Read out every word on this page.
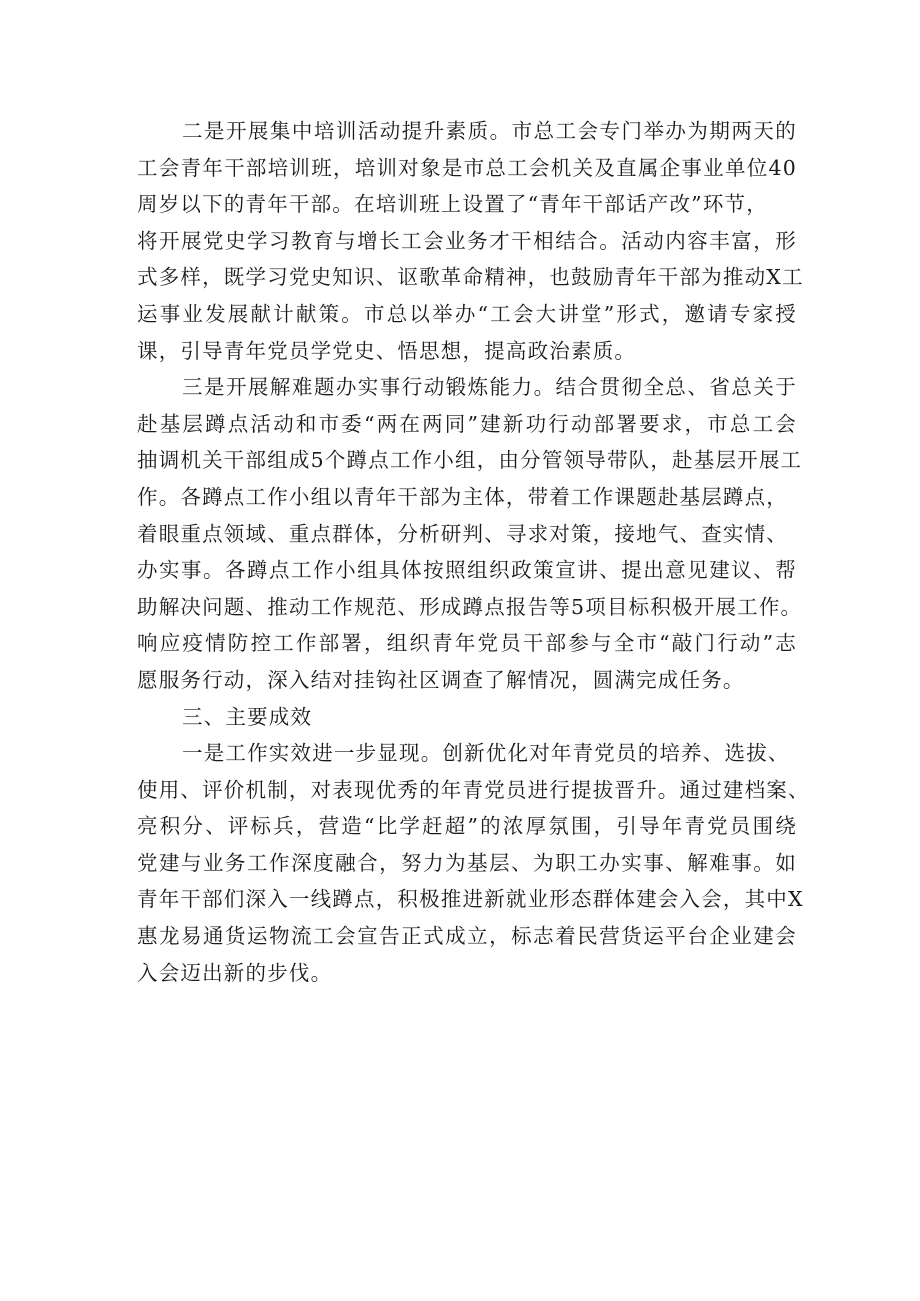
二是开展集中培训活动提升素质。市总工会专门举办为期两天的
工会青年干部培训班，培训对象是市总工会机关及直属企事业单位40
周岁以下的青年干部。在培训班上设置了“青年干部话产改”环节，
将开展党史学习教育与增长工会业务才干相结合。活动内容丰富，形
式多样，既学习党史知识、讴歌革命精神，也鼓励青年干部为推动X工
运事业发展献计献策。市总以举办“工会大讲堂”形式，邀请专家授
课，引导青年党员学党史、悟思想，提高政治素质。
三是开展解难题办实事行动锻炼能力。结合贯彻全总、省总关于
赴基层蹲点活动和市委“两在两同”建新功行动部署要求，市总工会
抽调机关干部组成5个蹲点工作小组，由分管领导带队，赴基层开展工
作。各蹲点工作小组以青年干部为主体，带着工作课题赴基层蹲点，
着眼重点领域、重点群体，分析研判、寻求对策，接地气、查实情、
办实事。各蹲点工作小组具体按照组织政策宣讲、提出意见建议、帮
助解决问题、推动工作规范、形成蹲点报告等5项目标积极开展工作。
响应疫情防控工作部署，组织青年党员干部参与全市“敲门行动”志
愿服务行动，深入结对挂钩社区调查了解情况，圆满完成任务。
三、主要成效
一是工作实效进一步显现。创新优化对年青党员的培养、选拔、
使用、评价机制，对表现优秀的年青党员进行提拔晋升。通过建档案、
亮积分、评标兵，营造“比学赶超”的浓厚氛围，引导年青党员围绕
党建与业务工作深度融合，努力为基层、为职工办实事、解难事。如
青年干部们深入一线蹲点，积极推进新就业形态群体建会入会，其中X
惠龙易通货运物流工会宣告正式成立，标志着民营货运平台企业建会
入会迈出新的步伐。
